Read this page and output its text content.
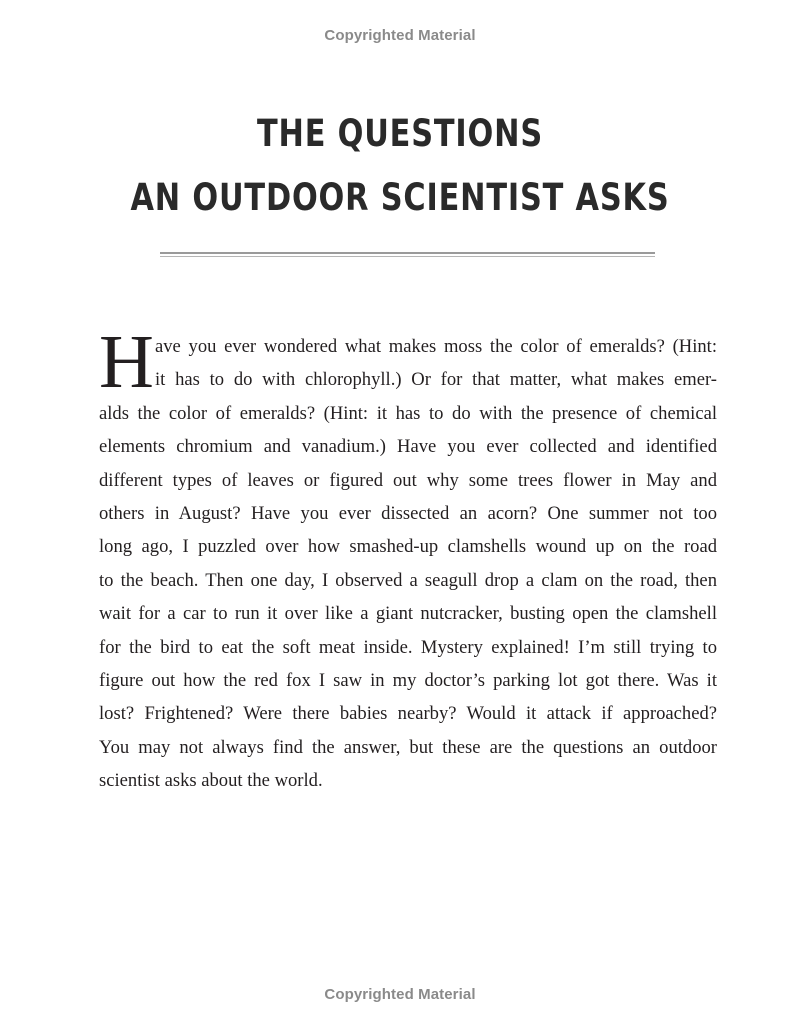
Copyrighted Material
THE QUESTIONS
AN OUTDOOR SCIENTIST ASKS
H ave you ever wondered what makes moss the color of emeralds? (Hint:
it has to do with chlorophyll.) Or for that matter, what makes emer-
alds the color of emeralds? (Hint: it has to do with the presence of chemical
elements chromium and vanadium.) Have you ever collected and identified
different types of leaves or figured out why some trees flower in May and
others in August? Have you ever dissected an acorn? One summer not too
long ago, I puzzled over how smashed-up clamshells wound up on the road
to the beach. Then one day, I observed a seagull drop a clam on the road, then
wait for a car to run it over like a giant nutcracker, busting open the clamshell
for the bird to eat the soft meat inside. Mystery explained! I’m still trying to
figure out how the red fox I saw in my doctor’s parking lot got there. Was it
lost? Frightened? Were there babies nearby? Would it attack if approached?
You may not always find the answer, but these are the questions an outdoor
scientist asks about the world.
Copyrighted Material
